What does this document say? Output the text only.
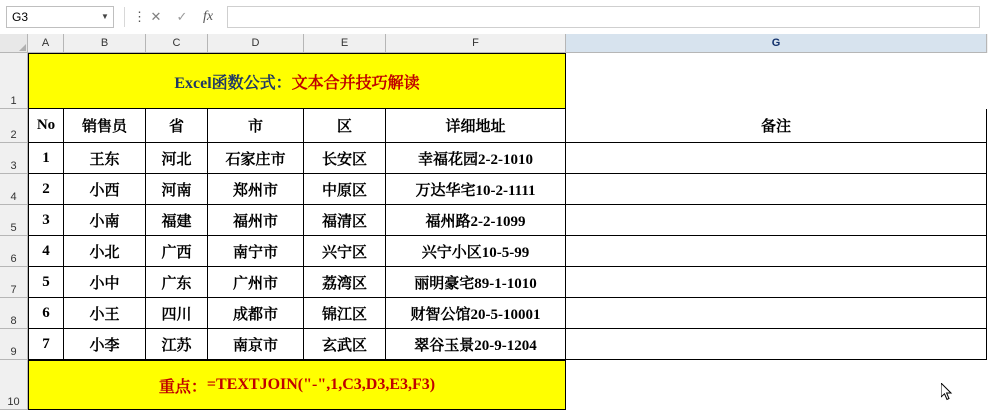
G3	▼	⋮ ✕	✓	fx
A	B	C	D	E	F	G
1
Excel函数公式： 文本合并技巧解读
2
No	销售员	省	市	区	详细地址	备注
3
1	王东	河北	石家庄市	长安区	幸福花园2-2-1010
4
2	小西	河南	郑州市	中原区	万达华宅10-2-1111
5
3	小南	福建	福州市	福清区	福州路2-2-1099
6
4	小北	广西	南宁市	兴宁区	兴宁小区10-5-99
7
5	小中	广东	广州市	荔湾区	丽明豪宅89-1-1010
8
6	小王	四川	成都市	锦江区	财智公馆20-5-10001
9
7	小李	江苏	南京市	玄武区	翠谷玉景20-9-1204
10
重点： =TEXTJOIN("-",1,C3,D3,E3,F3)
